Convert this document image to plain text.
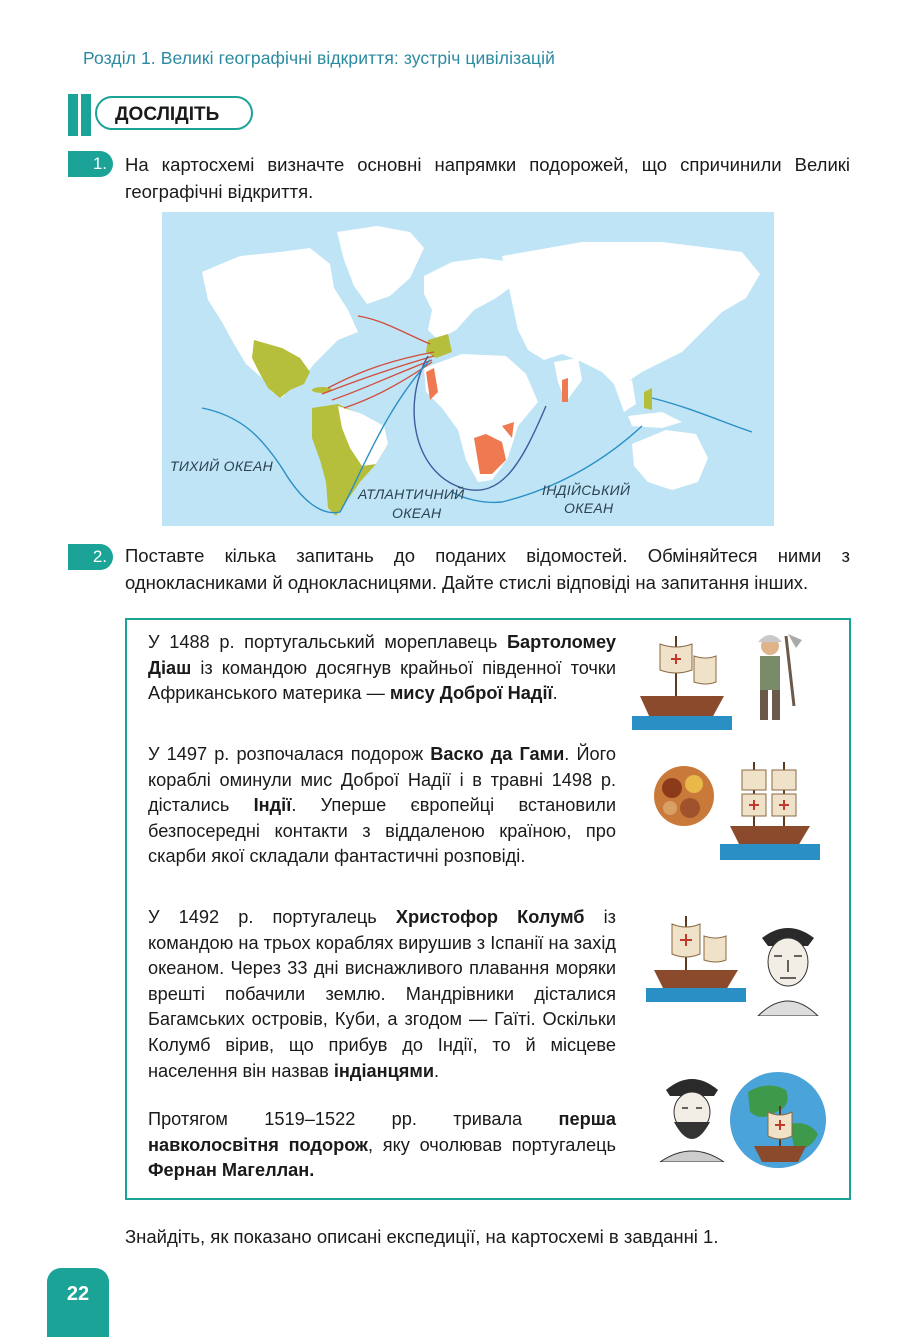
Розділ 1. Великі географічні відкриття: зустріч цивілізацій
ДОСЛІДІТЬ
1. На картосхемі визначте основні напрямки подорожей, що спричинили Великі географічні відкриття.
ТИХИЙ ОКЕАН
АТЛАНТИЧНИЙ
ОКЕАН
ІНДІЙСЬКИЙ
ОКЕАН
2. Поставте кілька запитань до поданих відомостей. Обміняйтеся ними з однокласниками й однокласницями. Дайте стислі відповіді на запитання інших.
У 1488 р. португальський мореплавець Бартоломеу Діаш із командою досягнув крайньої південної точки Африканського материка — мису Доброї Надії.
У 1497 р. розпочалася подорож Васко да Гами. Його кораблі оминули мис Доброї Надії і в травні 1498 р. дістались Індії. Уперше європейці встановили безпосередні контакти з віддаленою країною, про скарби якої складали фантастичні розповіді.
У 1492 р. португалець Христофор Колумб із командою на трьох кораблях вирушив з Іспанії на захід океаном. Через 33 дні виснажливого плавання моряки врешті побачили землю. Мандрівники дісталися Багамських островів, Куби, а згодом — Гаїті. Оскільки Колумб вірив, що прибув до Індії, то й місцеве населення він назвав індіанцями.
Протягом 1519–1522 рр. тривала перша навколосвітня подорож, яку очолював португалець Фернан Магеллан.
Знайдіть, як показано описані експедиції, на картосхемі в завданні 1.
22
